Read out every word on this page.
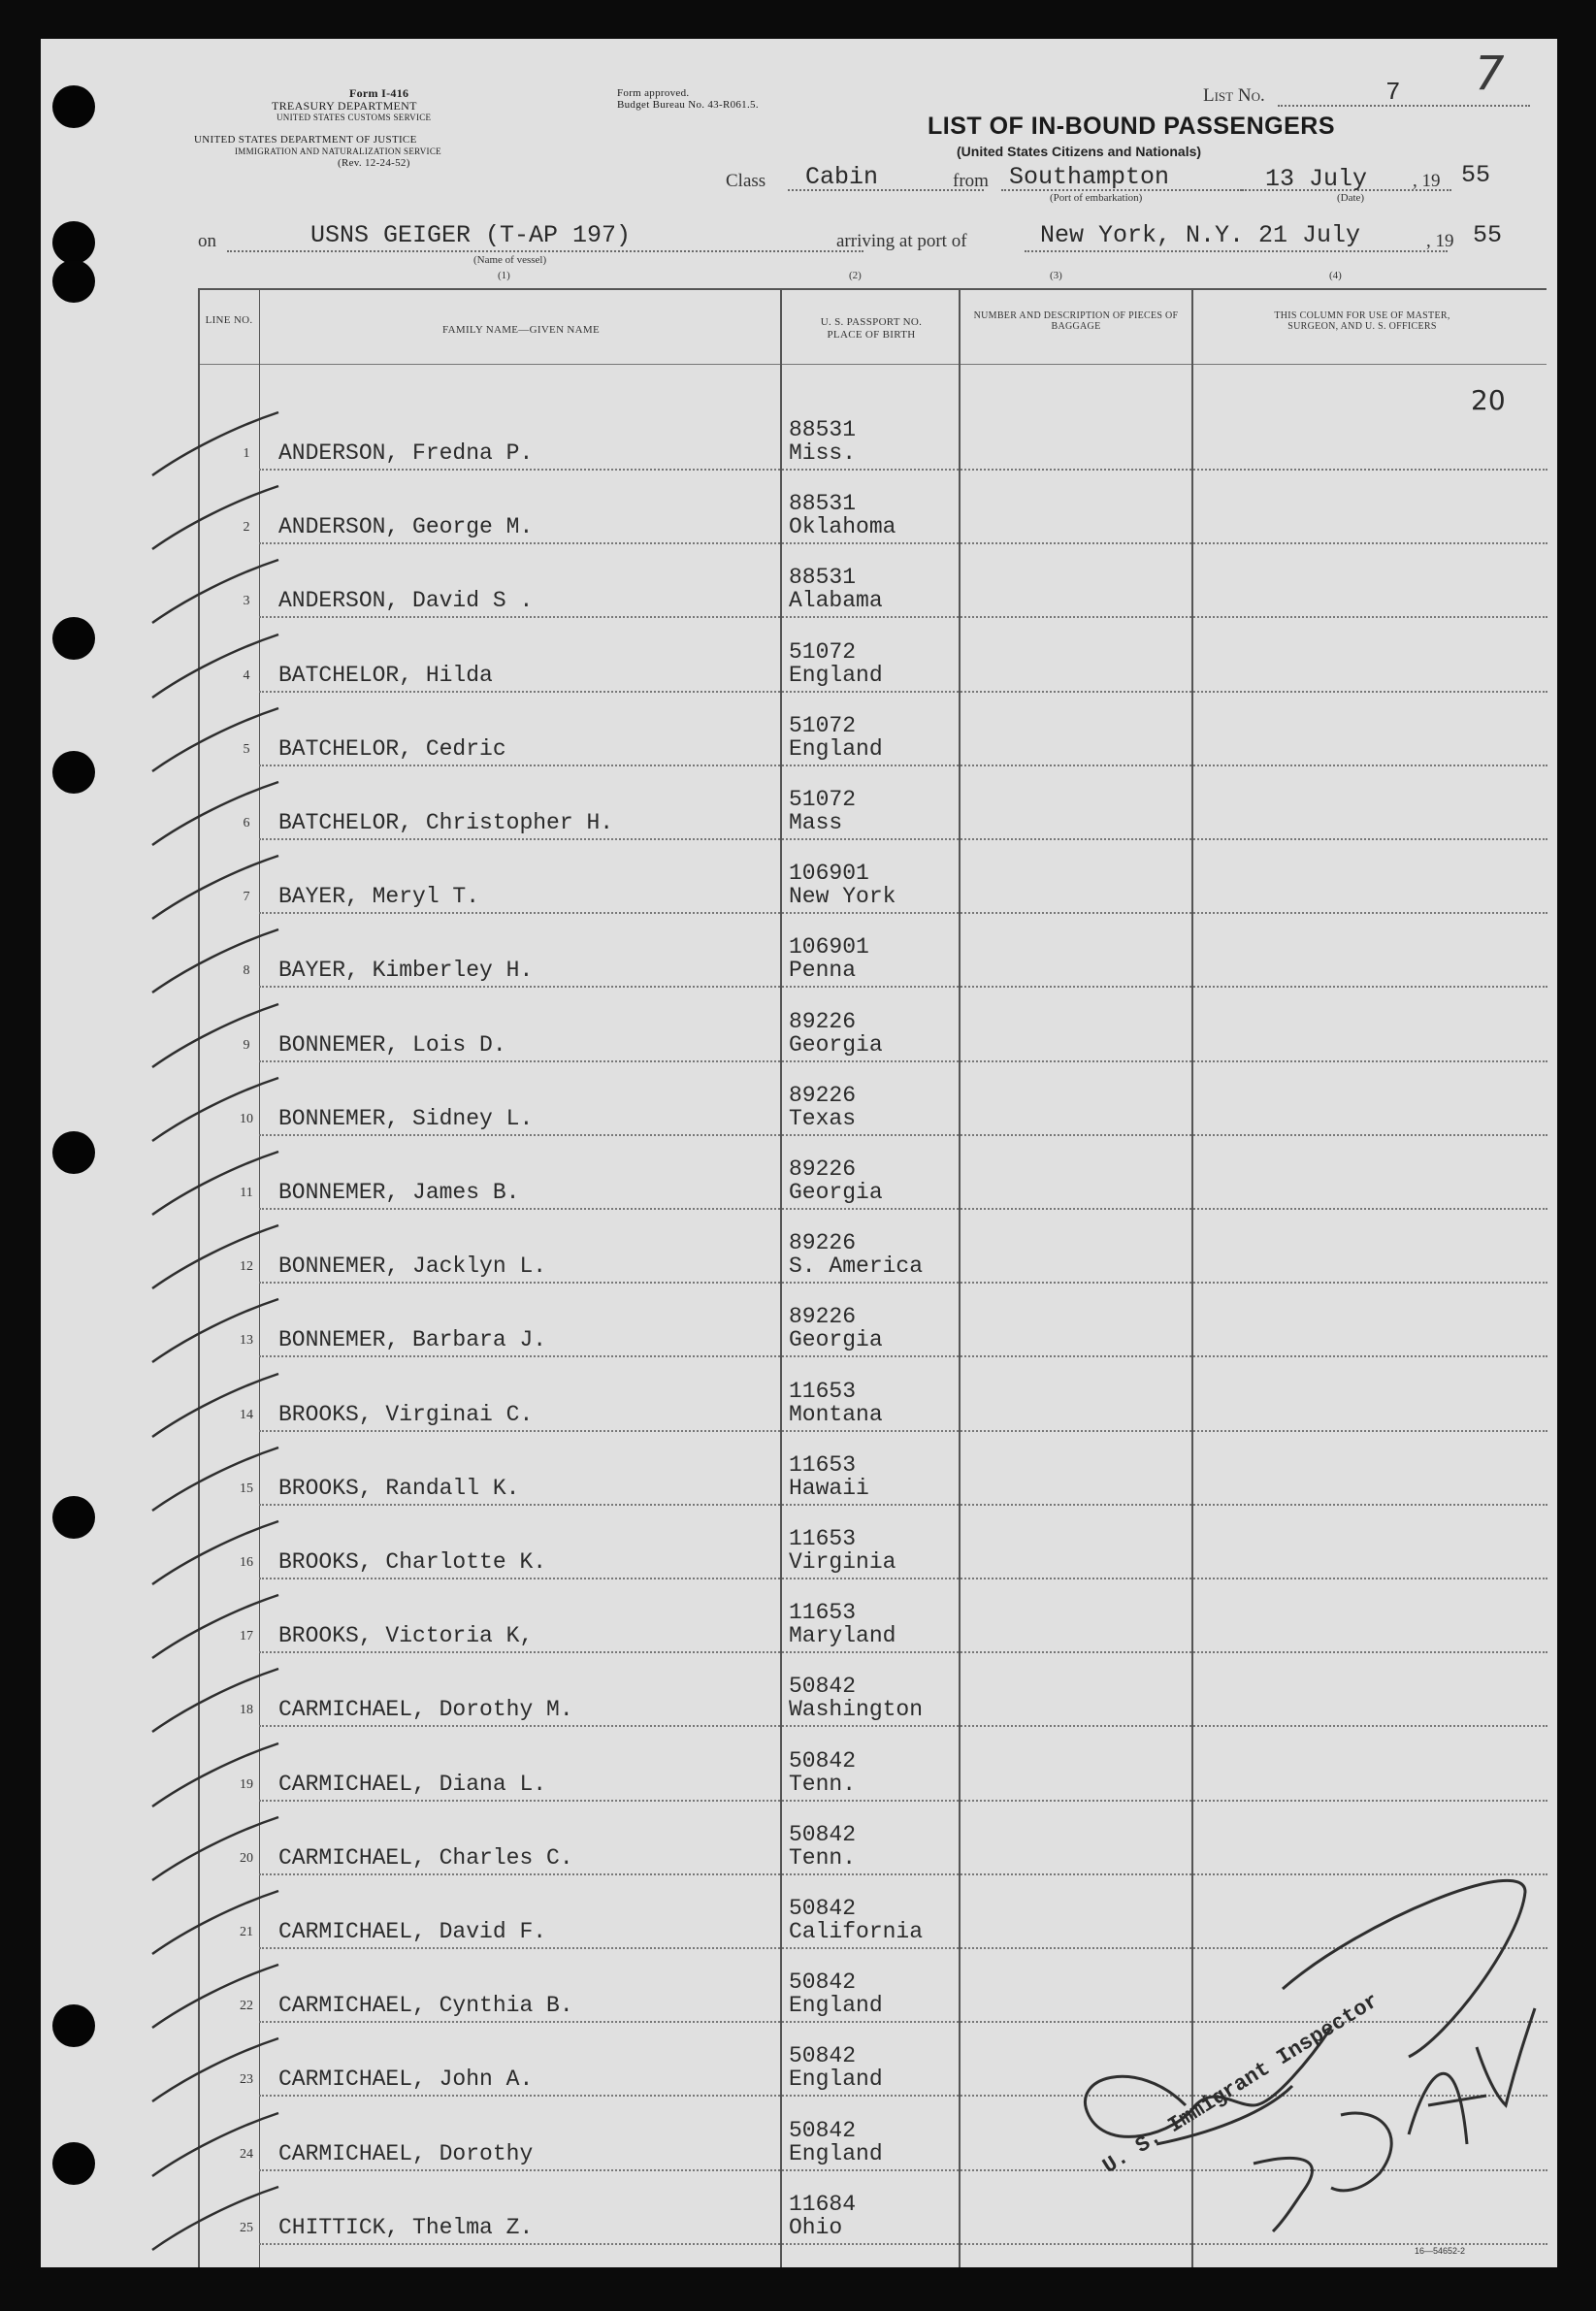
Form I-416
TREASURY DEPARTMENT
UNITED STATES CUSTOMS SERVICE
UNITED STATES DEPARTMENT OF JUSTICE
IMMIGRATION AND NATURALIZATION SERVICE
(Rev. 12-24-52)
Form approved.
Budget Bureau No. 43-R061.5.
LIST OF IN-BOUND PASSENGERS
(United States Citizens and Nationals)
List No.	7 7
Class Cabin	from Southampton
(Port of embarkation)
13 July
(Date)
, 19 55
on	USNS GEIGER (T-AP 197)
(Name of vessel)
arriving at port of	New York, N.Y. 21 July	, 19 55
(1)	(2)	(3)	(4)
LINE NO.
FAMILY NAME—GIVEN NAME
U. S. PASSPORT NO. PLACE OF BIRTH
NUMBER AND DESCRIPTION OF PIECES OF BAGGAGE
THIS COLUMN FOR USE OF MASTER, SURGEON, AND U. S. OFFICERS
20
1	ANDERSON, Fredna P.
88531
Miss.
2	ANDERSON, George M.
88531
Oklahoma
3	ANDERSON, David S .
88531
Alabama
4	BATCHELOR, Hilda
51072
England
5	BATCHELOR, Cedric
51072
England
6	BATCHELOR, Christopher H.
51072
Mass
7	BAYER, Meryl T.
106901
New York
8	BAYER, Kimberley H.
106901
Penna
9	BONNEMER, Lois D.
89226
Georgia
10	BONNEMER, Sidney L.
89226
Texas
11	BONNEMER, James B.
89226
Georgia
12	BONNEMER, Jacklyn L.
89226
S. America
13	BONNEMER, Barbara J.
89226
Georgia
14	BROOKS, Virginai C.
11653
Montana
15	BROOKS, Randall K.
11653
Hawaii
16	BROOKS, Charlotte K.
11653
Virginia
17	BROOKS, Victoria K,
11653
Maryland
18	CARMICHAEL, Dorothy M.
50842
Washington
19	CARMICHAEL, Diana L.
50842
Tenn.
20	CARMICHAEL, Charles C.
50842
Tenn.
21	CARMICHAEL, David F.
50842
California
22	CARMICHAEL, Cynthia B.
50842
England
23	CARMICHAEL, John A.
50842
England
24	CARMICHAEL, Dorothy
50842
England
25	CHITTICK, Thelma Z.
11684
Ohio
U. S. Immigrant Inspector
16—54652-2
